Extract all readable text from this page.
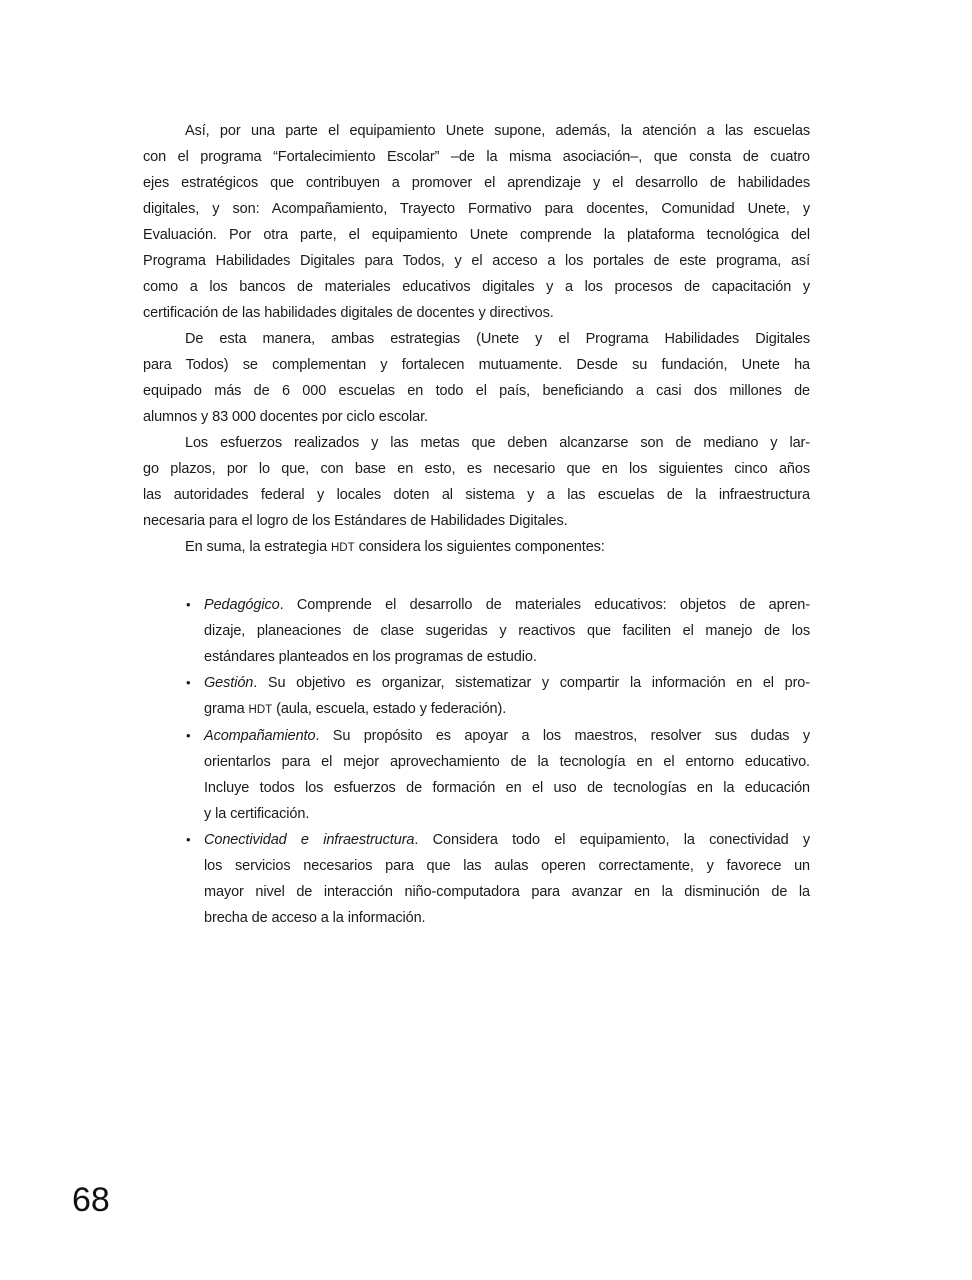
Así, por una parte el equipamiento Unete supone, además, la atención a las escuelas
con el programa “Fortalecimiento Escolar” –de la misma asociación–, que consta de cuatro
ejes estratégicos que contribuyen a promover el aprendizaje y el desarrollo de habilidades
digitales, y son: Acompañamiento, Trayecto Formativo para docentes, Comunidad Unete, y
Evaluación. Por otra parte, el equipamiento Unete comprende la plataforma tecnológica del
Programa Habilidades Digitales para Todos, y el acceso a los portales de este programa, así
como a los bancos de materiales educativos digitales y a los procesos de capacitación y
certificación de las habilidades digitales de docentes y directivos.
De esta manera, ambas estrategias (Unete y el Programa Habilidades Digitales
para Todos) se complementan y fortalecen mutuamente. Desde su fundación, Unete ha
equipado más de 6 000 escuelas en todo el país, beneficiando a casi dos millones de
alumnos y 83 000 docentes por ciclo escolar.
Los esfuerzos realizados y las metas que deben alcanzarse son de mediano y lar-
go plazos, por lo que, con base en esto, es necesario que en los siguientes cinco años
las autoridades federal y locales doten al sistema y a las escuelas de la infraestructura
necesaria para el logro de los Estándares de Habilidades Digitales.
En suma, la estrategia HDT considera los siguientes componentes:
• Pedagógico. Comprende el desarrollo de materiales educativos: objetos de apren-
dizaje, planeaciones de clase sugeridas y reactivos que faciliten el manejo de los
estándares planteados en los programas de estudio.
• Gestión. Su objetivo es organizar, sistematizar y compartir la información en el pro-
grama HDT (aula, escuela, estado y federación).
• Acompañamiento. Su propósito es apoyar a los maestros, resolver sus dudas y
orientarlos para el mejor aprovechamiento de la tecnología en el entorno educativo.
Incluye todos los esfuerzos de formación en el uso de tecnologías en la educación
y la certificación.
• Conectividad e infraestructura. Considera todo el equipamiento, la conectividad y
los servicios necesarios para que las aulas operen correctamente, y favorece un
mayor nivel de interacción niño-computadora para avanzar en la disminución de la
brecha de acceso a la información.
68
